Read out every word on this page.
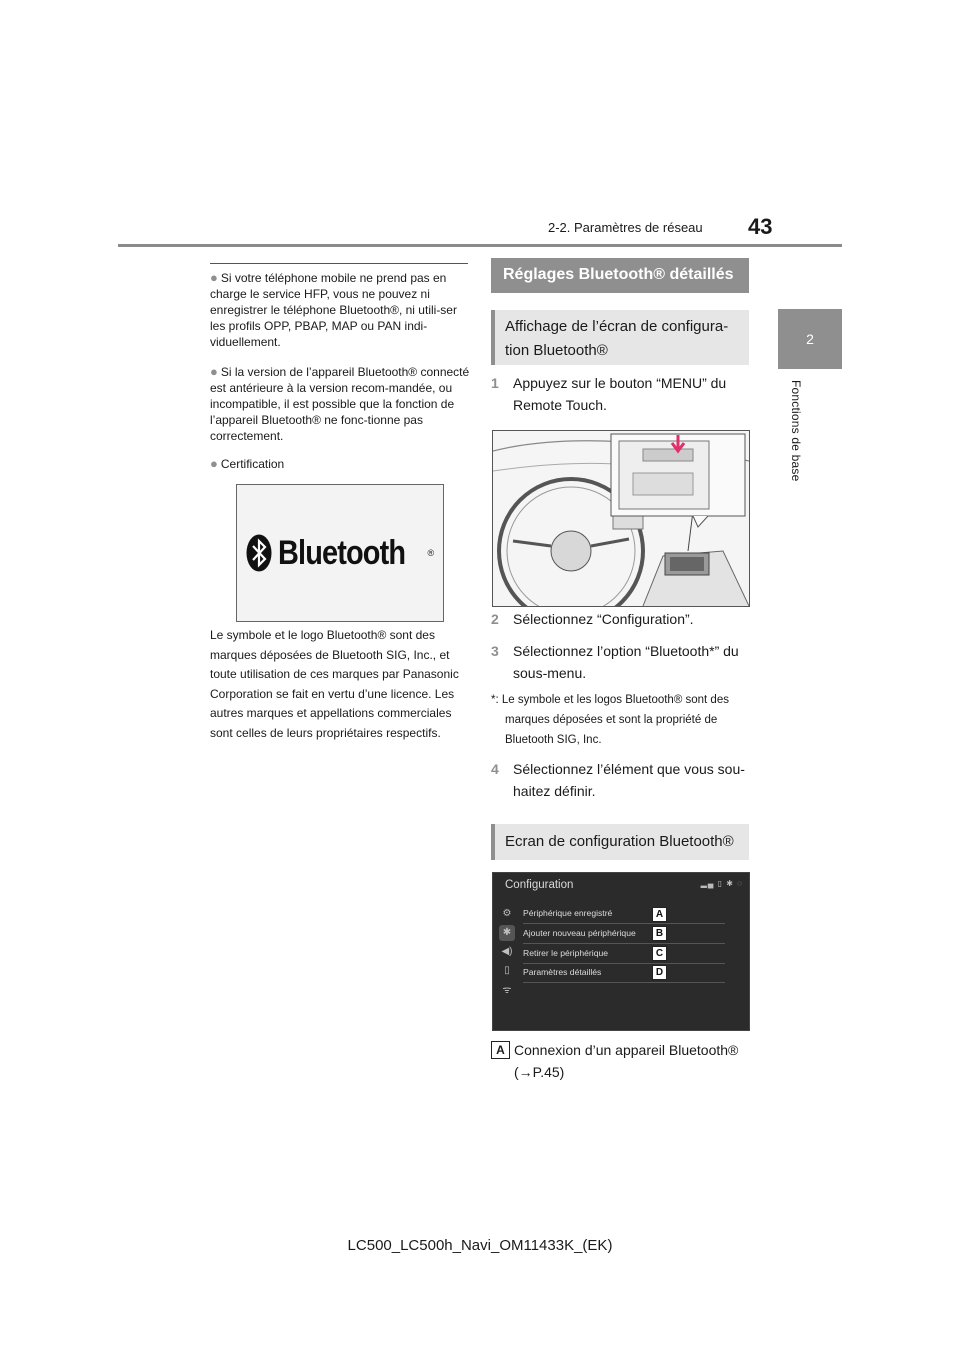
2-2. Paramètres de réseau 43
2
Fonctions de base
● Si votre téléphone mobile ne prend pas en charge le service HFP, vous ne pouvez ni enregistrer le téléphone Bluetooth®, ni utili-ser les profils OPP, PBAP, MAP ou PAN indi-viduellement.
● Si la version de l’appareil Bluetooth® connecté est antérieure à la version recom-mandée, ou incompatible, il est possible que la fonction de l’appareil Bluetooth® ne fonc-tionne pas correctement.
● Certification
Bluetooth ®
Le symbole et le logo Bluetooth® sont des marques déposées de Bluetooth SIG, Inc., et toute utilisation de ces marques par Panasonic Corporation se fait en vertu d’une licence. Les autres marques et appellations commerciales sont celles de leurs propriétaires respectifs.
Réglages Bluetooth® détaillés
Affichage de l’écran de configura-
tion Bluetooth®
1 Appuyez sur le bouton “MENU” du
Remote Touch.
2 Sélectionnez “Configuration”.
3 Sélectionnez l’option “Bluetooth*” du
sous-menu.
*: Le symbole et les logos Bluetooth® sont des
marques déposées et sont la propriété de
Bluetooth SIG, Inc.
4 Sélectionnez l’élément que vous sou-
haitez définir.
Ecran de configuration Bluetooth®
Configuration	▂▄ ▯ ✱ ◌
⚙
✱
◀)
▯
ᯤ
Périphérique enregistré
Ajouter nouveau périphérique
Retirer le périphérique
Paramètres détaillés
A
B
C
D
A Connexion d’un appareil Bluetooth®
(→P.45)
LC500_LC500h_Navi_OM11433K_(EK)
